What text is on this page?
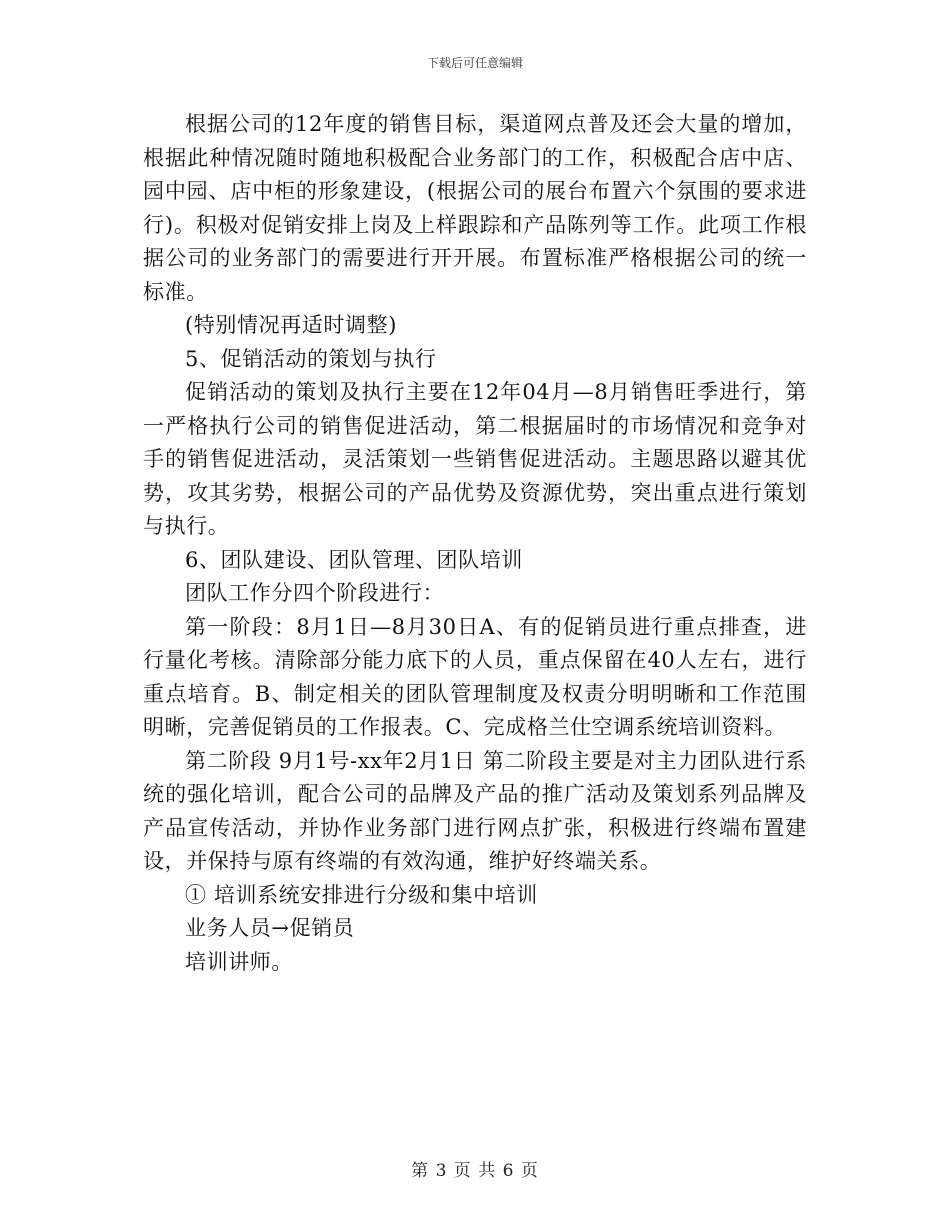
下载后可任意编辑

根据公司的12年度的销售目标，渠道网点普及还会大量的增加，根据此种情况随时随地积极配合业务部门的工作，积极配合店中店、园中园、店中柜的形象建设，(根据公司的展台布置六个氛围的要求进行)。积极对促销安排上岗及上样跟踪和产品陈列等工作。此项工作根据公司的业务部门的需要进行开开展。布置标准严格根据公司的统一标准。

(特别情况再适时调整)

5、促销活动的策划与执行

促销活动的策划及执行主要在12年04月—8月销售旺季进行，第一严格执行公司的销售促进活动，第二根据届时的市场情况和竞争对手的销售促进活动，灵活策划一些销售促进活动。主题思路以避其优势，攻其劣势，根据公司的产品优势及资源优势，突出重点进行策划与执行。

6、团队建设、团队管理、团队培训

团队工作分四个阶段进行：

第一阶段：8月1日—8月30日A、有的促销员进行重点排查，进行量化考核。清除部分能力底下的人员，重点保留在40人左右，进行重点培育。B、制定相关的团队管理制度及权责分明明晰和工作范围明晰，完善促销员的工作报表。C、完成格兰仕空调系统培训资料。

第二阶段 9月1号-xx年2月1日 第二阶段主要是对主力团队进行系统的强化培训，配合公司的品牌及产品的推广活动及策划系列品牌及产品宣传活动，并协作业务部门进行网点扩张，积极进行终端布置建设，并保持与原有终端的有效沟通，维护好终端关系。

① 培训系统安排进行分级和集中培训

业务人员→促销员

培训讲师。

第 3 页 共 6 页
